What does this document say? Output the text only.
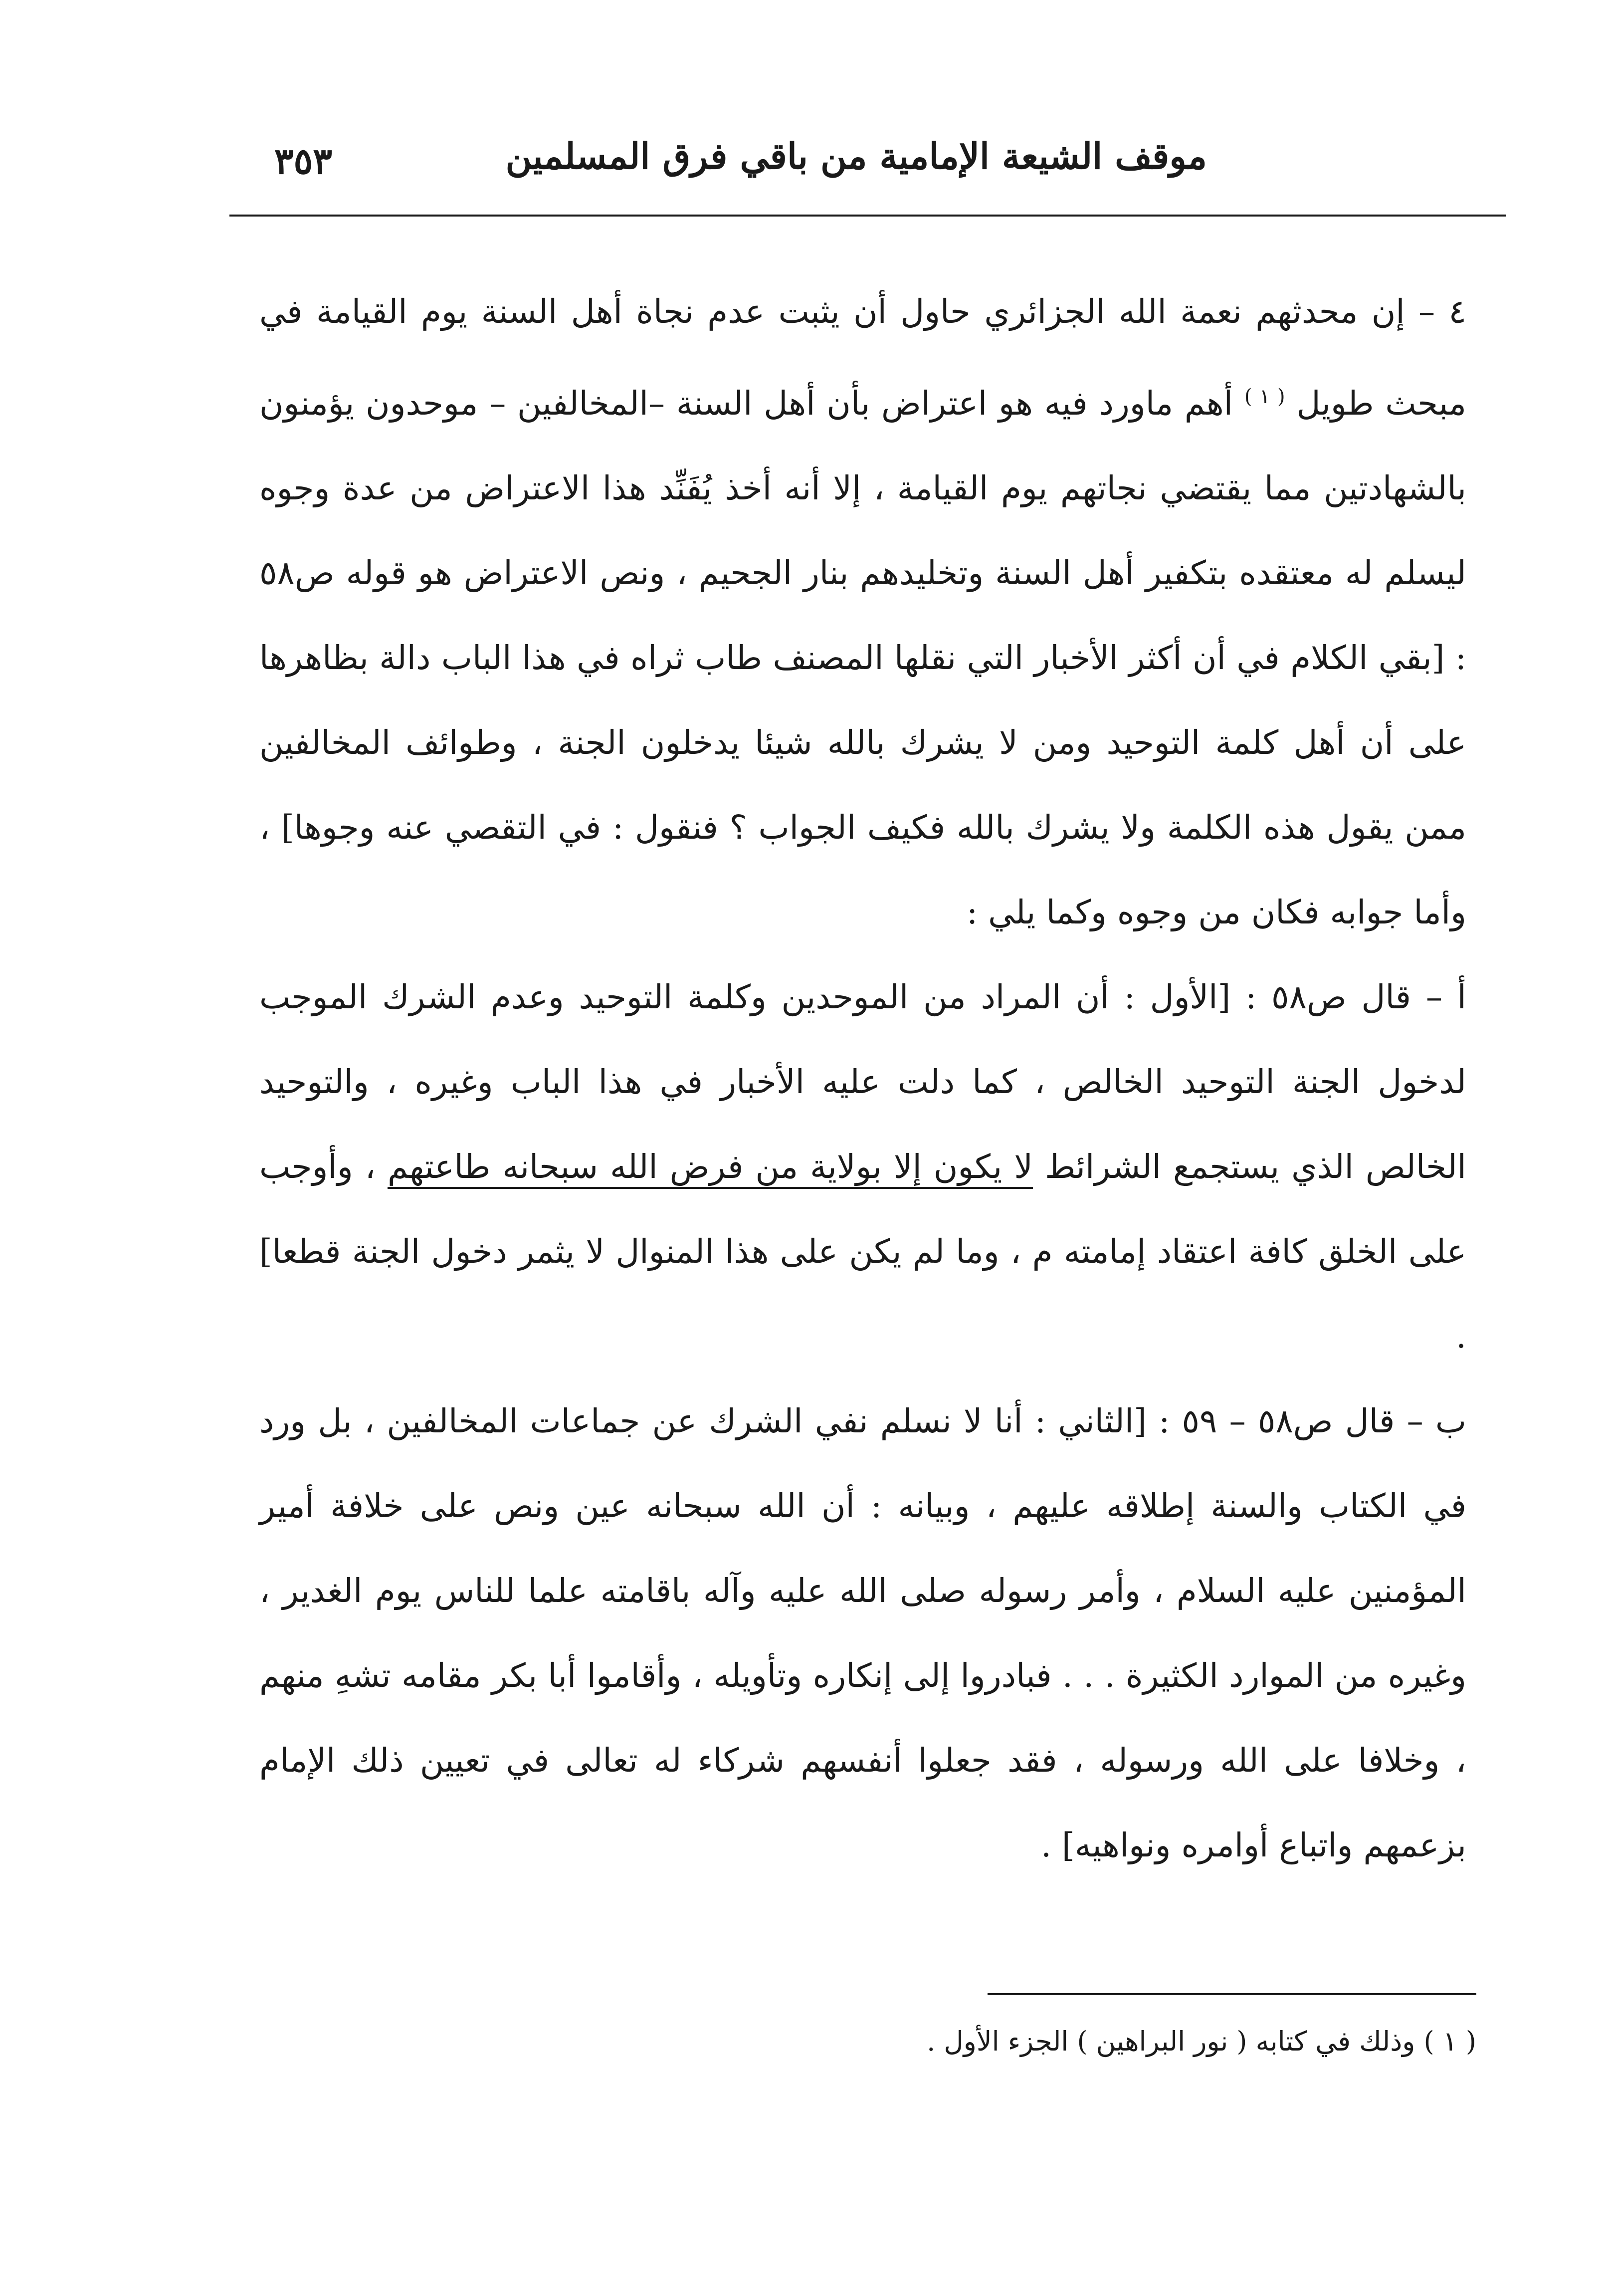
موقف الشيعة الإمامية من باقي فرق المسلمين
٣٥٣

٤ – إن محدثهم نعمة الله الجزائري حاول أن يثبت عدم نجاة أهل السنة يوم القيامة في مبحث طويل $^{( ١ )}$ أهم ماورد فيه هو اعتراض بأن أهل السنة –المخالفين – موحدون يؤمنون بالشهادتين مما يقتضي نجاتهم يوم القيامة ، إلا أنه أخذ يُفَنِّد هذا الاعتراض من عدة وجوه ليسلم له معتقده بتكفير أهل السنة وتخليدهم بنار الجحيم ، ونص الاعتراض هو قوله ص٥٨ : [بقي الكلام في أن أكثر الأخبار التي نقلها المصنف طاب ثراه في هذا الباب دالة بظاهرها على أن أهل كلمة التوحيد ومن لا يشرك بالله شيئا يدخلون الجنة ، وطوائف المخالفين ممن يقول هذه الكلمة ولا يشرك بالله فكيف الجواب ؟ فنقول : في التقصي عنه وجوها] ، وأما جوابه فكان من وجوه وكما يلي :

أ – قال ص٥٨ : [الأول : أن المراد من الموحدين وكلمة التوحيد وعدم الشرك الموجب لدخول الجنة التوحيد الخالص ، كما دلت عليه الأخبار في هذا الباب وغيره ، والتوحيد الخالص الذي يستجمع الشرائط لا يكون إلا بولاية من فرض الله سبحانه طاعتهم ، وأوجب على الخلق كافة اعتقاد إمامته م ، وما لم يكن على هذا المنوال لا يثمر دخول الجنة قطعا] .

ب – قال ص٥٨ – ٥٩ : [الثاني : أنا لا نسلم نفي الشرك عن جماعات المخالفين ، بل ورد في الكتاب والسنة إطلاقه عليهم ، وبيانه : أن الله سبحانه عين ونص على خلافة أمير المؤمنين عليه السلام ، وأمر رسوله صلى الله عليه وآله باقامته علما للناس يوم الغدير ، وغيره من الموارد الكثيرة . . . فبادروا إلى إنكاره وتأويله ، وأقاموا أبا بكر مقامه تشهِ منهم ، وخلافا على الله ورسوله ، فقد جعلوا أنفسهم شركاء له تعالى في تعيين ذلك الإمام بزعمهم واتباع أوامره ونواهيه] .

( ١ ) وذلك في كتابه ( نور البراهين ) الجزء الأول .
